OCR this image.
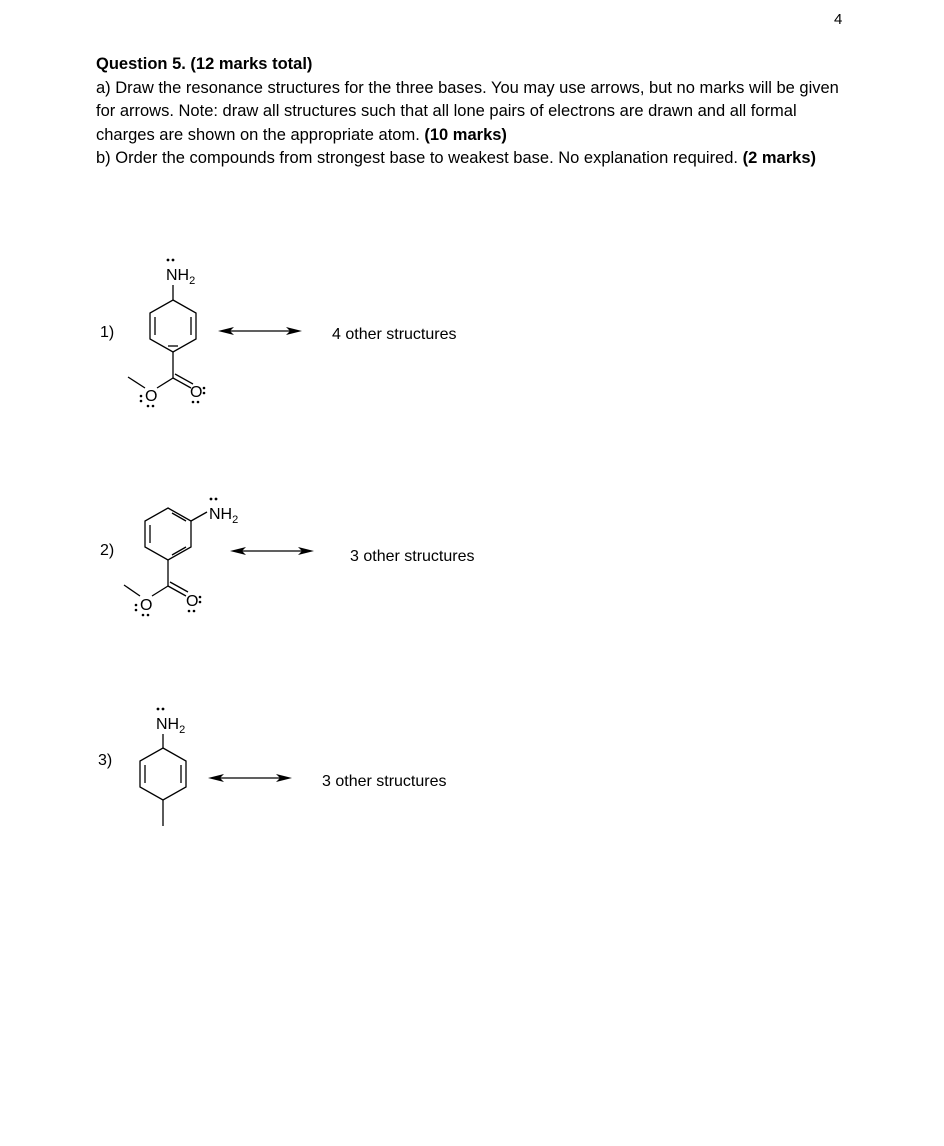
4

Question 5. (12 marks total)

a) Draw the resonance structures for the three bases. You may use arrows, but no marks will be given for arrows. Note: draw all structures such that all lone pairs of electrons are drawn and all formal charges are shown on the appropriate atom. (10 marks)

b) Order the compounds from strongest base to weakest base. No explanation required. (2 marks)

1)
$NH_2$
O O
4 other structures
2)
$NH_2$
O O
3 other structures
3)
$NH_2$
3 other structures
